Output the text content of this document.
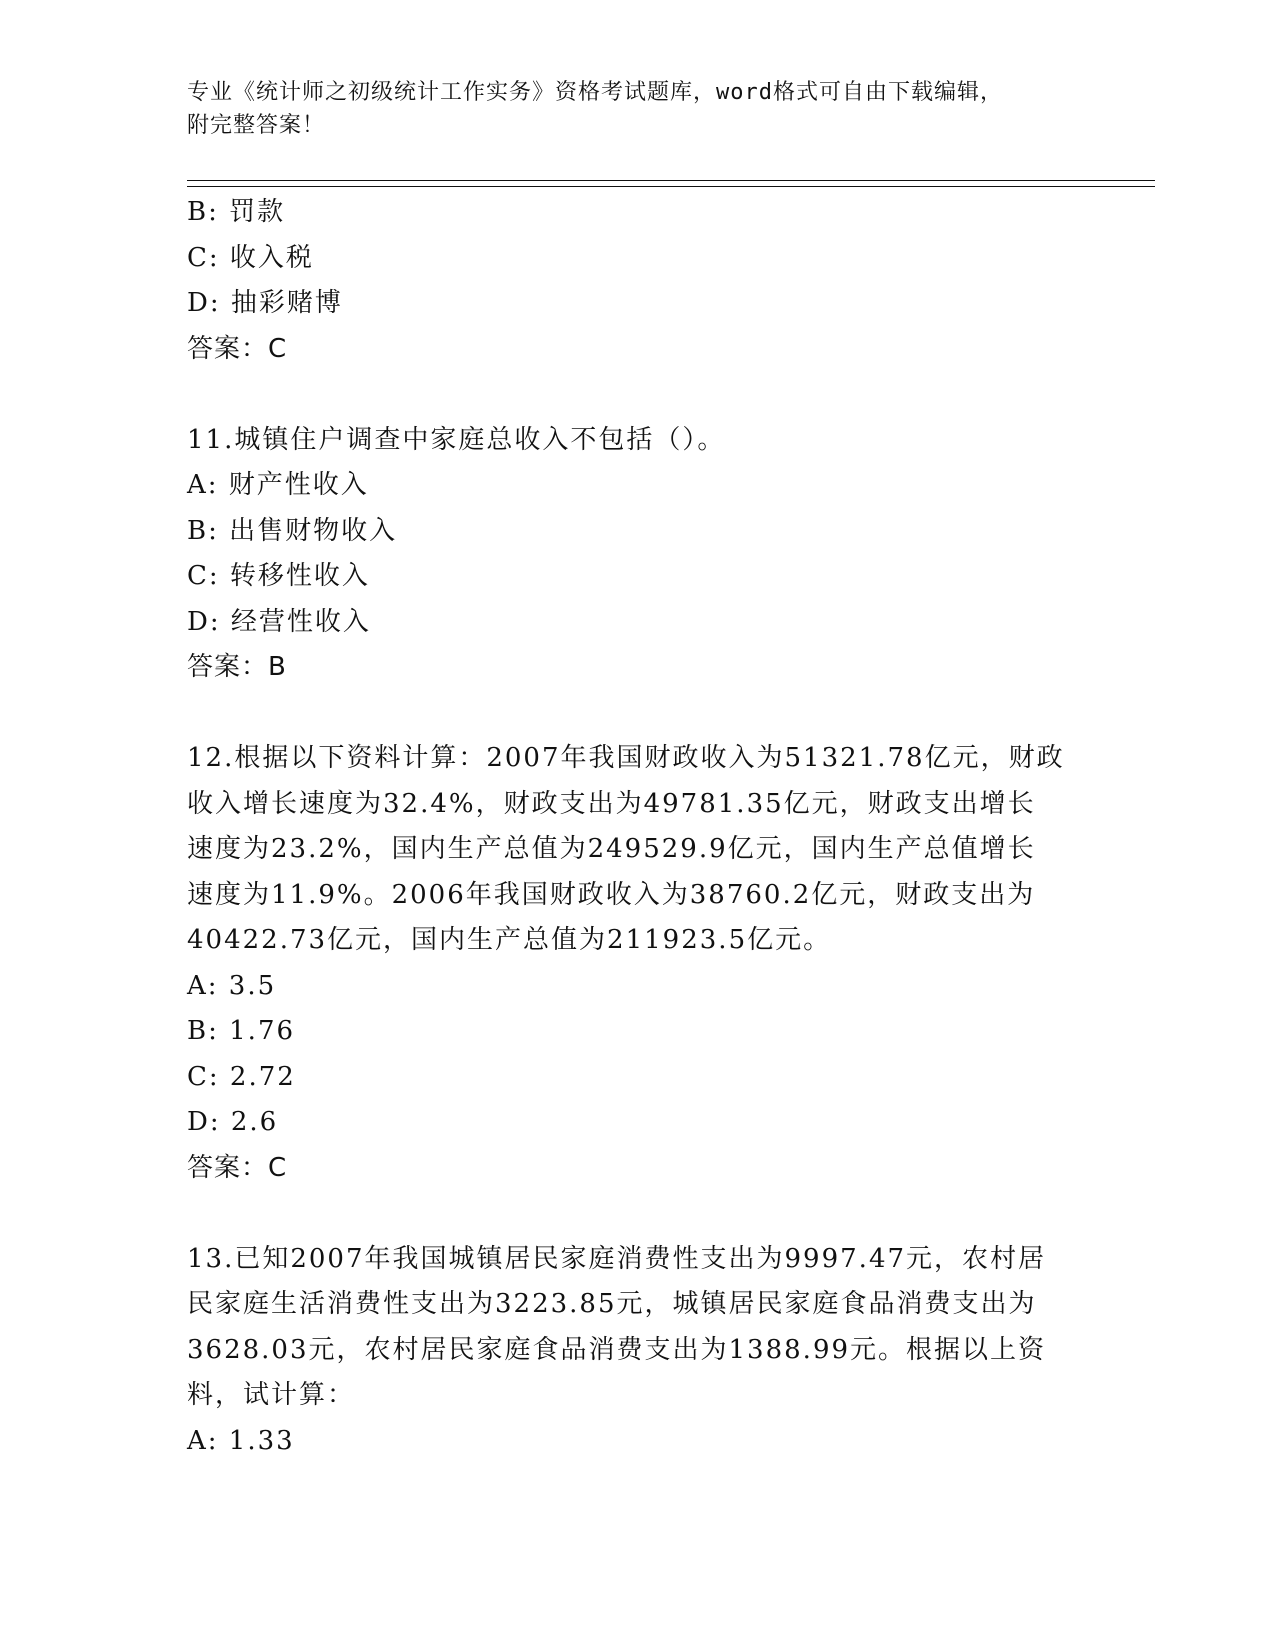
专业《统计师之初级统计工作实务》资格考试题库，word格式可自由下载编辑，
附完整答案！
B: 罚款
C: 收入税
D: 抽彩赌博
答案：C
11.城镇住户调查中家庭总收入不包括（）。
A: 财产性收入
B: 出售财物收入
C: 转移性收入
D: 经营性收入
答案：B
12.根据以下资料计算：2007年我国财政收入为51321.78亿元，财政
收入增长速度为32.4%，财政支出为49781.35亿元，财政支出增长
速度为23.2%，国内生产总值为249529.9亿元，国内生产总值增长
速度为11.9%。2006年我国财政收入为38760.2亿元，财政支出为
40422.73亿元，国内生产总值为211923.5亿元。
A: 3.5
B: 1.76
C: 2.72
D: 2.6
答案：C
13.已知2007年我国城镇居民家庭消费性支出为9997.47元，农村居
民家庭生活消费性支出为3223.85元，城镇居民家庭食品消费支出为
3628.03元，农村居民家庭食品消费支出为1388.99元。根据以上资
料，试计算：
A: 1.33
